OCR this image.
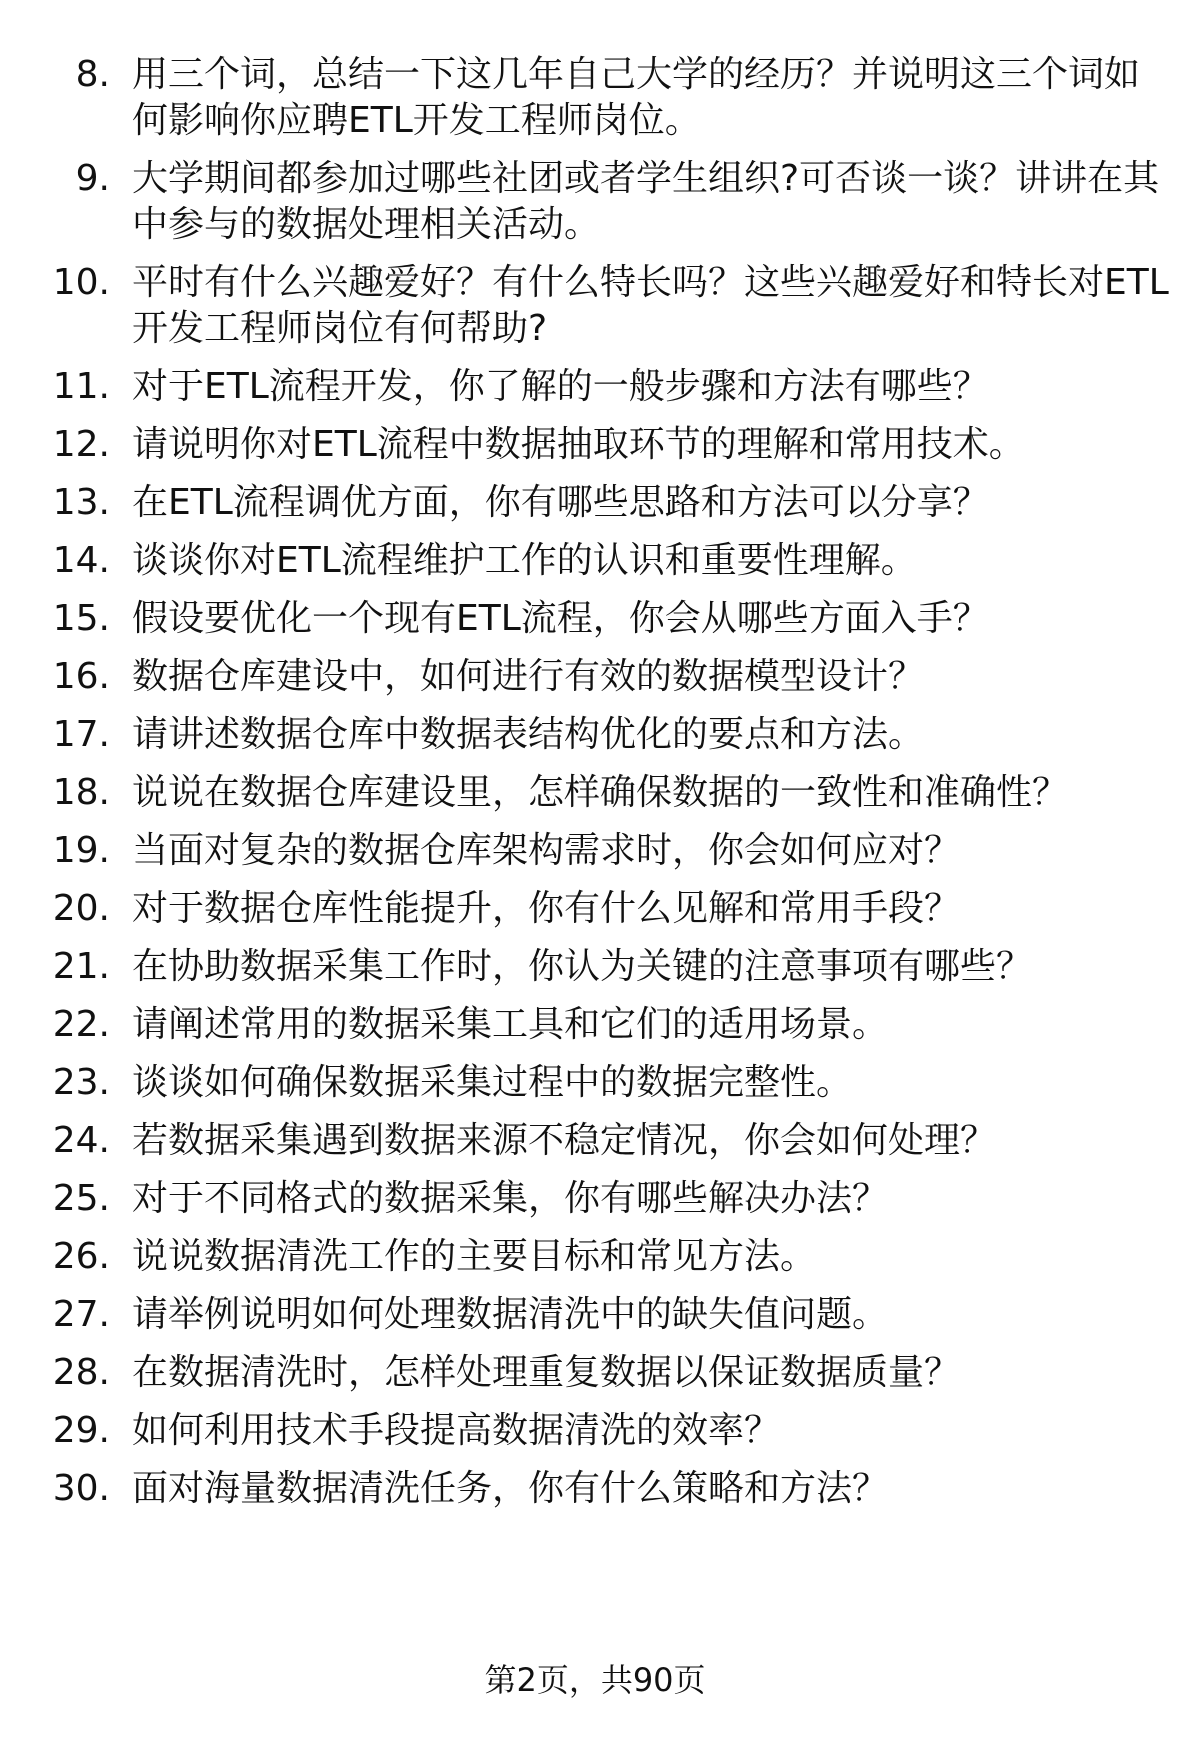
8. 用三个词，总结一下这几年自己大学的经历？并说明这三个词如何影响你应聘ETL开发工程师岗位。
9. 大学期间都参加过哪些社团或者学生组织?可否谈一谈？讲讲在其中参与的数据处理相关活动。
10. 平时有什么兴趣爱好？有什么特长吗？这些兴趣爱好和特长对ETL开发工程师岗位有何帮助?
11. 对于ETL流程开发，你了解的一般步骤和方法有哪些？
12. 请说明你对ETL流程中数据抽取环节的理解和常用技术。
13. 在ETL流程调优方面，你有哪些思路和方法可以分享？
14. 谈谈你对ETL流程维护工作的认识和重要性理解。
15. 假设要优化一个现有ETL流程，你会从哪些方面入手？
16. 数据仓库建设中，如何进行有效的数据模型设计？
17. 请讲述数据仓库中数据表结构优化的要点和方法。
18. 说说在数据仓库建设里，怎样确保数据的一致性和准确性？
19. 当面对复杂的数据仓库架构需求时，你会如何应对？
20. 对于数据仓库性能提升，你有什么见解和常用手段？
21. 在协助数据采集工作时，你认为关键的注意事项有哪些？
22. 请阐述常用的数据采集工具和它们的适用场景。
23. 谈谈如何确保数据采集过程中的数据完整性。
24. 若数据采集遇到数据来源不稳定情况，你会如何处理？
25. 对于不同格式的数据采集，你有哪些解决办法？
26. 说说数据清洗工作的主要目标和常见方法。
27. 请举例说明如何处理数据清洗中的缺失值问题。
28. 在数据清洗时，怎样处理重复数据以保证数据质量？
29. 如何利用技术手段提高数据清洗的效率？
30. 面对海量数据清洗任务，你有什么策略和方法？
第2页，共90页
